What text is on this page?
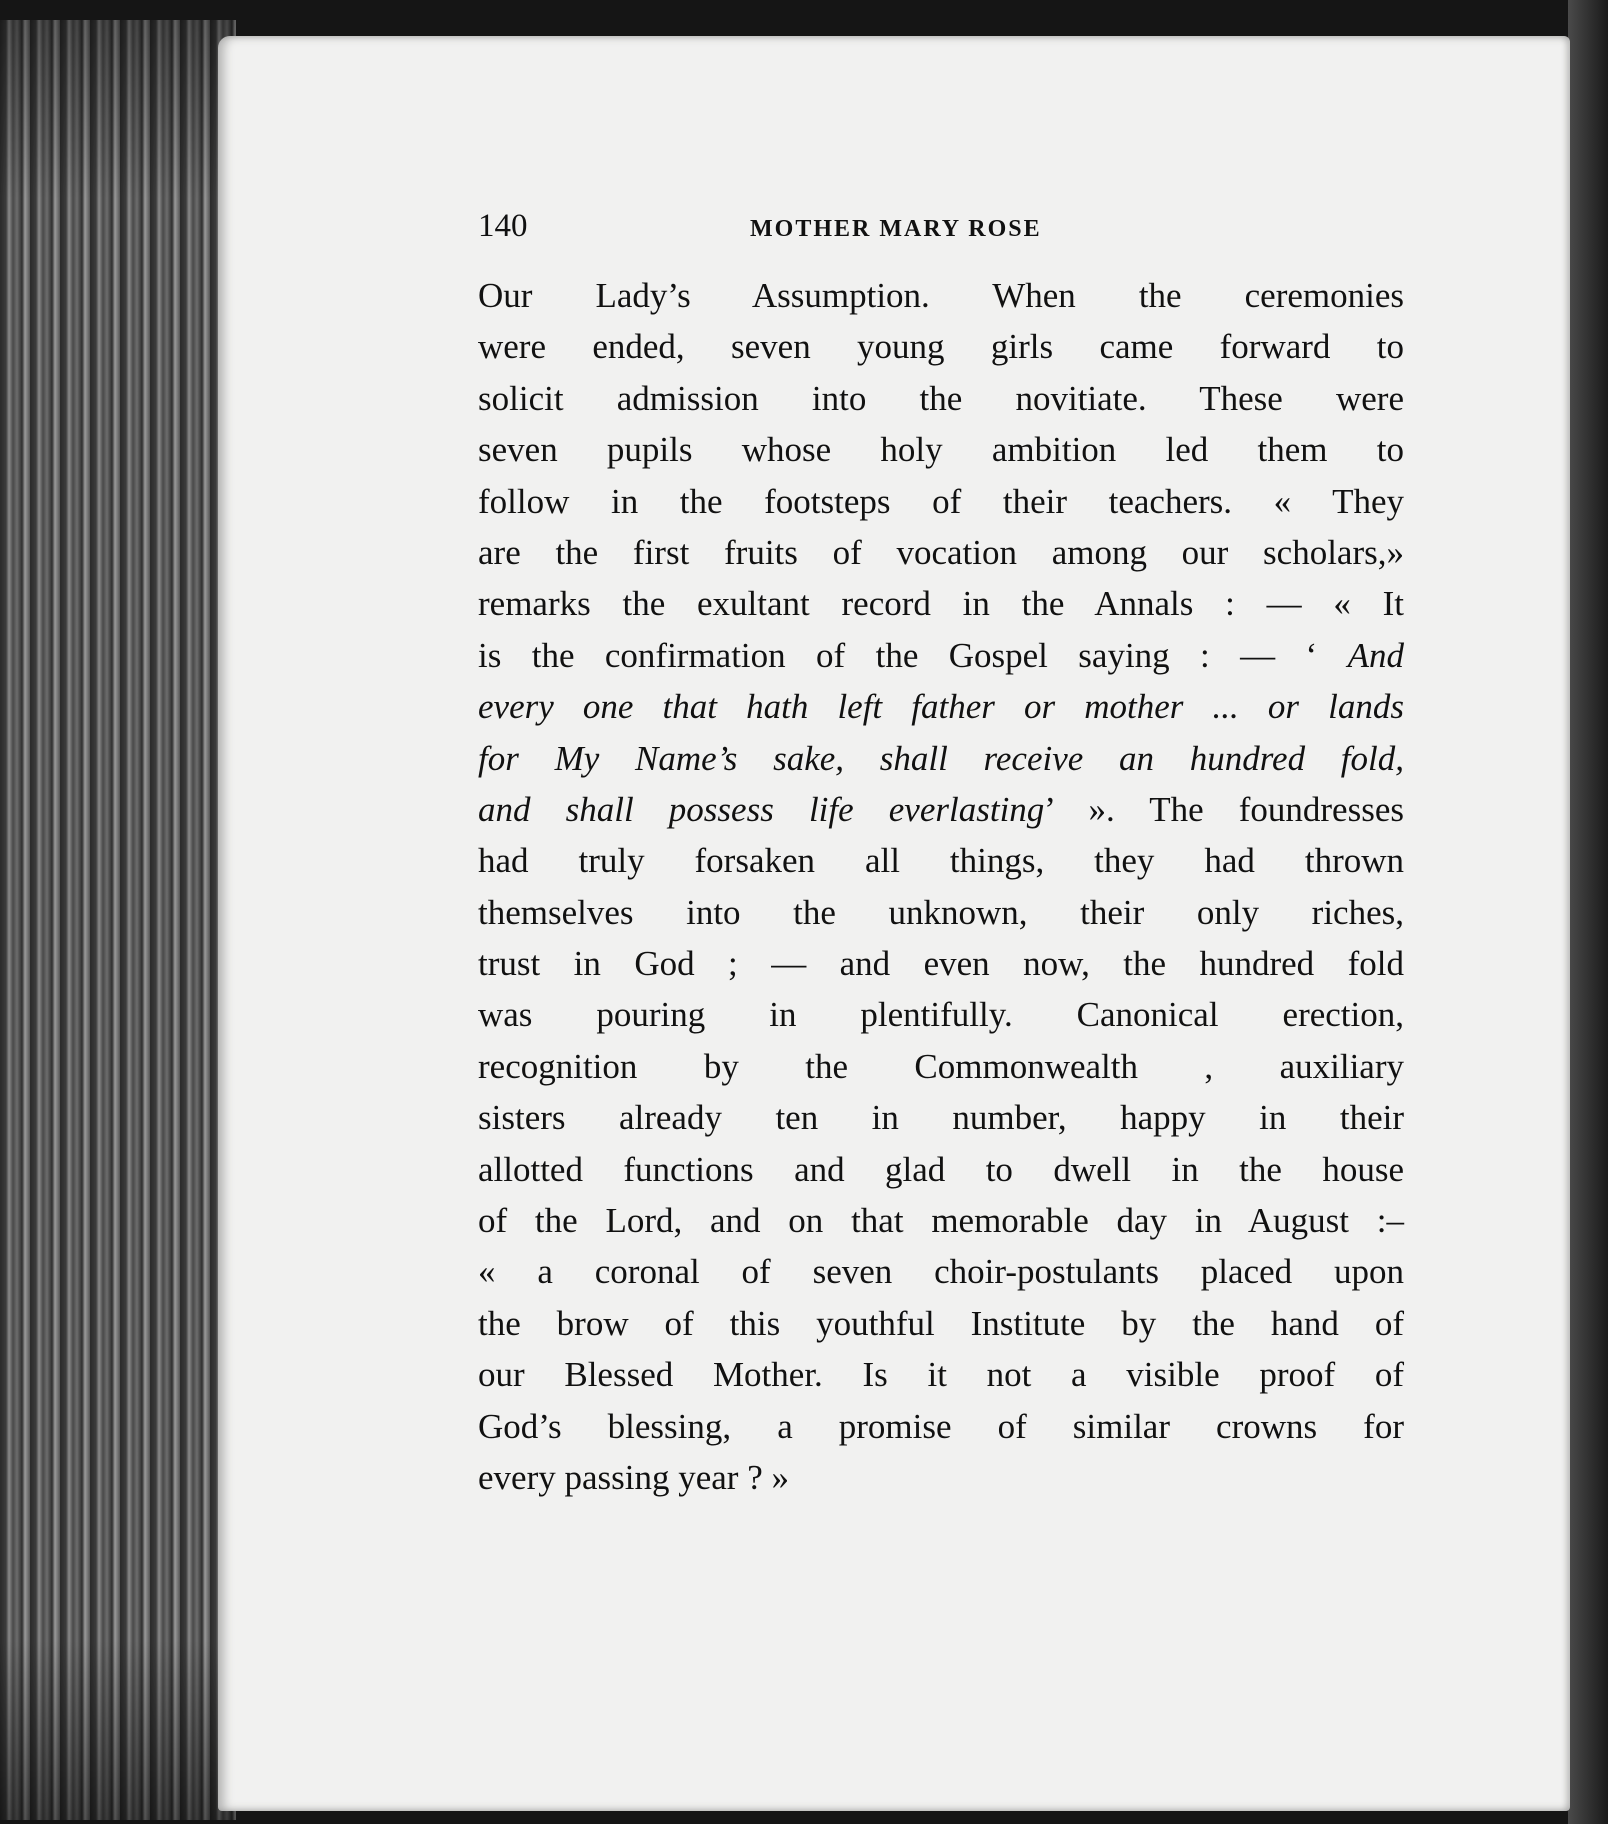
140	MOTHER MARY ROSE
Our Lady’s Assumption. When the ceremonies
were ended, seven young girls came forward to
solicit admission into the novitiate. These were
seven pupils whose holy ambition led them to
follow in the footsteps of their teachers. « They
are the first fruits of vocation among our scholars,»
remarks the exultant record in the Annals : — « It
is the confirmation of the Gospel saying : — ‘ And
every one that hath left father or mother ... or lands
for My Name’s sake, shall receive an hundred fold,
and shall possess life everlasting’ ». The foundresses
had truly forsaken all things, they had thrown
themselves into the unknown, their only riches,
trust in God ; — and even now, the hundred fold
was pouring in plentifully. Canonical erection,
recognition by the Commonwealth , auxiliary
sisters already ten in number, happy in their
allotted functions and glad to dwell in the house
of the Lord, and on that memorable day in August :–
« a coronal of seven choir-postulants placed upon
the brow of this youthful Institute by the hand of
our Blessed Mother. Is it not a visible proof of
God’s blessing, a promise of similar crowns for
every passing year ? »
